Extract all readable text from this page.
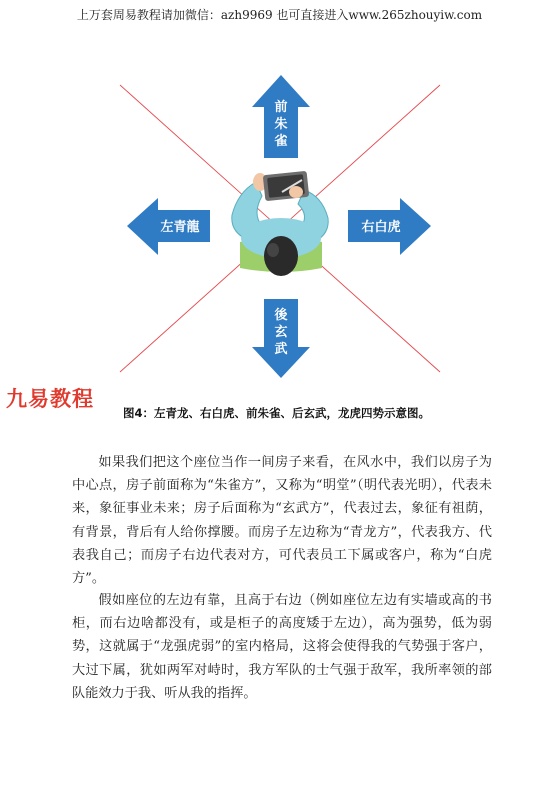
上万套周易教程请加微信：azh9969 也可直接进入www.265zhouyiw.com
前
朱
雀
後
玄
武
左青龍	右白虎
九易教程
图4：左青龙、右白虎、前朱雀、后玄武，龙虎四势示意图。

如果我们把这个座位当作一间房子来看，在风水中，我们以房子为中心点，房子前面称为“朱雀方”，又称为“明堂”（明代表光明），代表未来，象征事业未来；房子后面称为“玄武方”，代表过去，象征有祖荫，有背景，背后有人给你撑腰。而房子左边称为“青龙方”，代表我方、代表我自己；而房子右边代表对方，可代表员工下属或客户，称为“白虎方”。

假如座位的左边有靠，且高于右边（例如座位左边有实墙或高的书柜，而右边啥都没有，或是柜子的高度矮于左边），高为强势，低为弱势，这就属于“龙强虎弱”的室内格局，这将会使得我的气势强于客户，大过下属，犹如两军对峙时，我方军队的士气强于敌军，我所率领的部队能效力于我、听从我的指挥。
